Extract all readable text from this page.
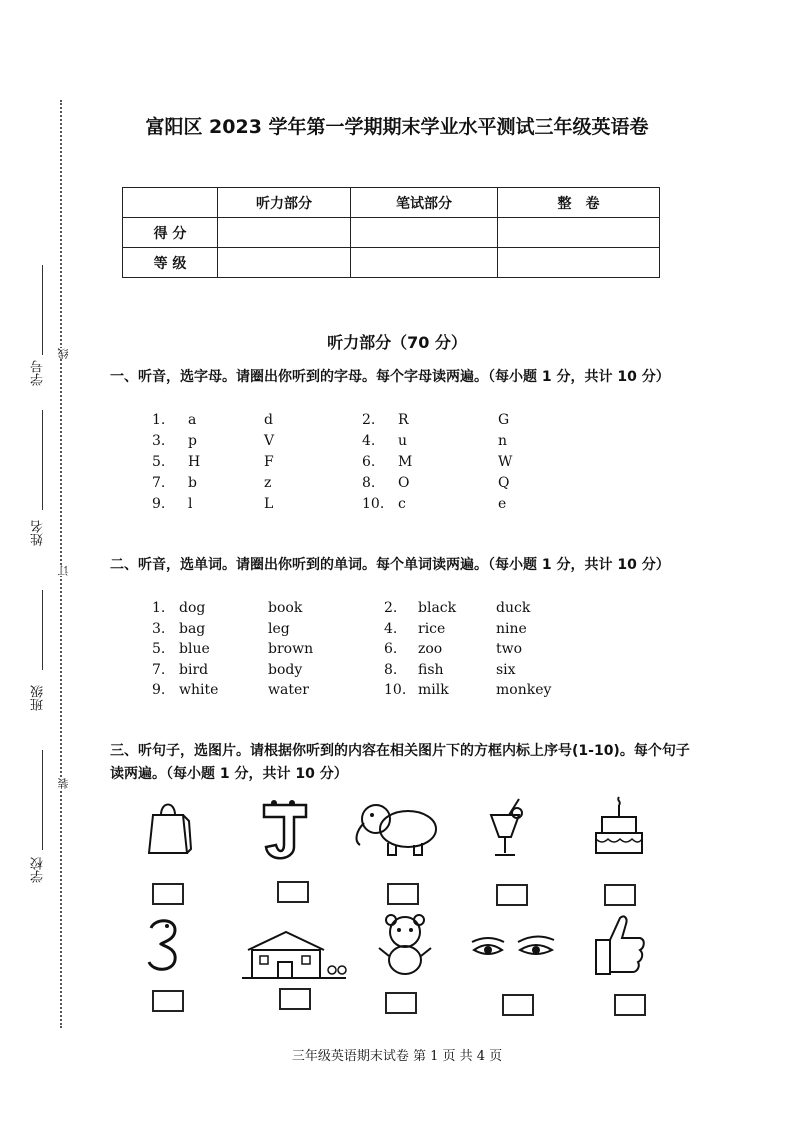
学号
姓名
班级
学校
线
订
装
富阳区 2023 学年第一学期期末学业水平测试三年级英语卷
	听力部分	笔试部分	整　卷
得 分			
等 级			
听力部分（70 分）
一、听音，选字母。请圈出你听到的字母。每个字母读两遍。（每小题 1 分，共计 10 分）
1. a	d	2. R	G
3. p	V	4. u	n
5. H	F	6. M	W
7. b	z	8. O	Q
9. l	L	10. c	e
二、听音，选单词。请圈出你听到的单词。每个单词读两遍。（每小题 1 分，共计 10 分）
1. dog	book	2. black	duck
3. bag	leg	4. rice	nine
5. blue	brown	6. zoo	two
7. bird	body	8. fish	six
9. white	water	10. milk	monkey
三、听句子，选图片。请根据你听到的内容在相关图片下的方框内标上序号(1-10)。每个句子读两遍。（每小题 1 分，共计 10 分）
三年级英语期末试卷 第 1 页 共 4 页
